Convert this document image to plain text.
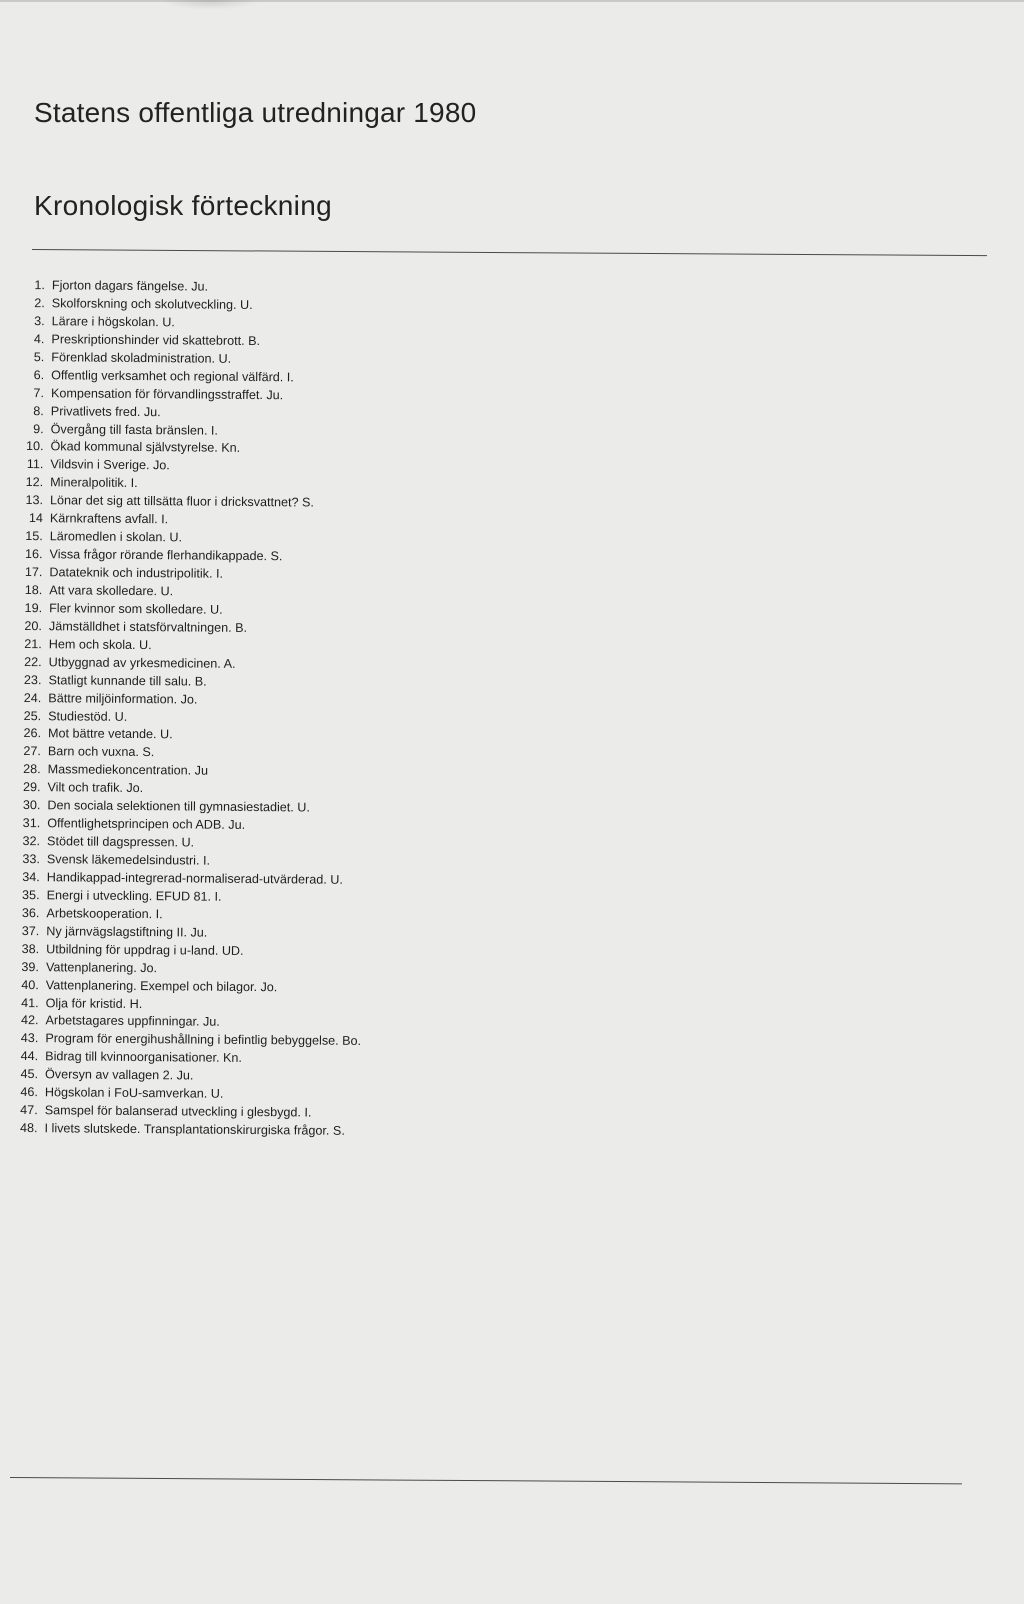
Statens offentliga utredningar 1980
Kronologisk förteckning
1. Fjorton dagars fängelse. Ju.
2. Skolforskning och skolutveckling. U.
3. Lärare i högskolan. U.
4. Preskriptionshinder vid skattebrott. B.
5. Förenklad skoladministration. U.
6. Offentlig verksamhet och regional välfärd. I.
7. Kompensation för förvandlingsstraffet. Ju.
8. Privatlivets fred. Ju.
9. Övergång till fasta bränslen. I.
10. Ökad kommunal självstyrelse. Kn.
11. Vildsvin i Sverige. Jo.
12. Mineralpolitik. I.
13. Lönar det sig att tillsätta fluor i dricksvattnet? S.
14 Kärnkraftens avfall. I.
15. Läromedlen i skolan. U.
16. Vissa frågor rörande flerhandikappade. S.
17. Datateknik och industripolitik. I.
18. Att vara skolledare. U.
19. Fler kvinnor som skolledare. U.
20. Jämställdhet i statsförvaltningen. B.
21. Hem och skola. U.
22. Utbyggnad av yrkesmedicinen. A.
23. Statligt kunnande till salu. B.
24. Bättre miljöinformation. Jo.
25. Studiestöd. U.
26. Mot bättre vetande. U.
27. Barn och vuxna. S.
28. Massmediekoncentration. Ju
29. Vilt och trafik. Jo.
30. Den sociala selektionen till gymnasiestadiet. U.
31. Offentlighetsprincipen och ADB. Ju.
32. Stödet till dagspressen. U.
33. Svensk läkemedelsindustri. I.
34. Handikappad-integrerad-normaliserad-utvärderad. U.
35. Energi i utveckling. EFUD 81. I.
36. Arbetskooperation. I.
37. Ny järnvägslagstiftning II. Ju.
38. Utbildning för uppdrag i u-land. UD.
39. Vattenplanering. Jo.
40. Vattenplanering. Exempel och bilagor. Jo.
41. Olja för kristid. H.
42. Arbetstagares uppfinningar. Ju.
43. Program för energihushållning i befintlig bebyggelse. Bo.
44. Bidrag till kvinnoorganisationer. Kn.
45. Översyn av vallagen 2. Ju.
46. Högskolan i FoU-samverkan. U.
47. Samspel för balanserad utveckling i glesbygd. I.
48. I livets slutskede. Transplantationskirurgiska frågor. S.
